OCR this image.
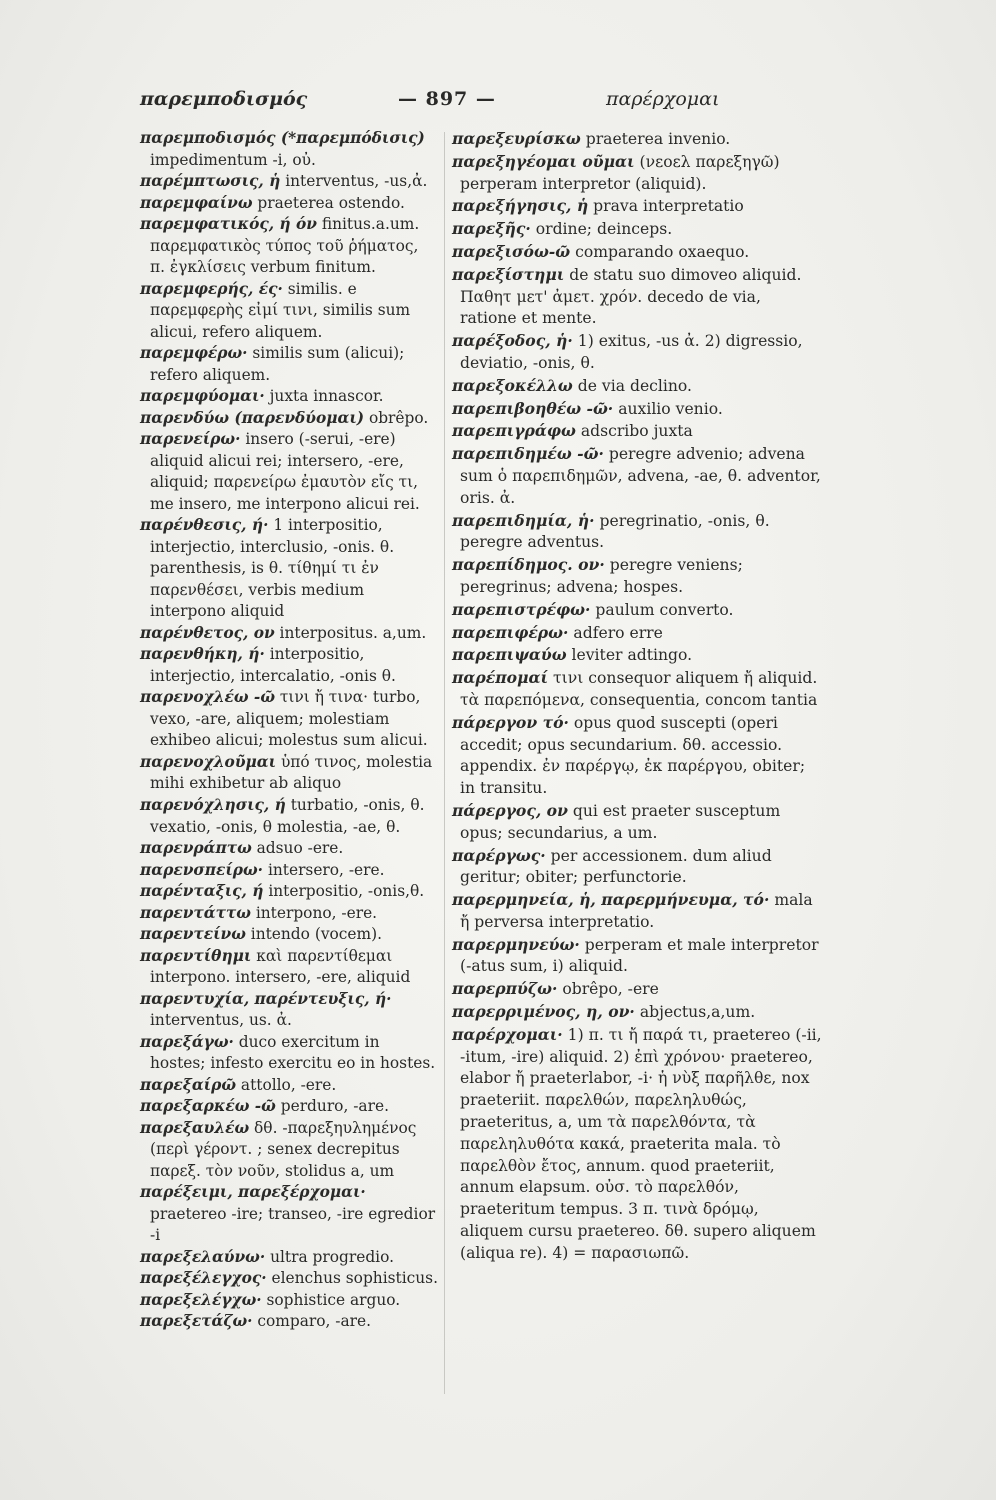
παρεμποδισμός	— 897 —	παρέρχομαι

παρεμποδισμός (*παρεμπόδισις) impedimentum -i, οὐ.

παρέμπτωσις, ἡ interventus, -us,ἀ.

παρεμφαίνω praeterea ostendo.

παρεμφατικός, ή όν finitus.a.um. παρεμφατικὸς τύπος τοῦ ῥήματος, π. ἐγκλίσεις verbum finitum.

παρεμφερής, ές· similis. e παρεμφερὴς εἰμί τινι, similis sum alicui, refero aliquem.

παρεμφέρω· similis sum (alicui); refero aliquem.

παρεμφύομαι· juxta innascor.

παρενδύω (παρενδύομαι) obrêpo.

παρενείρω· insero (-serui, -ere) aliquid alicui rei; intersero, -ere, aliquid; παρενείρω ἐμαυτὸν εἴς τι, me insero, me interpono alicui rei.

παρένθεσις, ή· 1 interpositio, interjectio, interclusio, -onis. θ. parenthesis, is θ. τίθημί τι ἐν παρενθέσει, verbis medium interpono aliquid

παρένθετος, ον interpositus. a,um.

παρενθήκη, ή· interpositio, interjectio, intercalatio, -onis θ.

παρενοχλέω -ῶ τινι ἤ τινα· turbo, vexo, -are, aliquem; molestiam exhibeo alicui; molestus sum alicui.

παρενοχλοῦμαι ὑπό τινος, molestia mihi exhibetur ab aliquo

παρενόχλησις, ή turbatio, -onis, θ. vexatio, -onis, θ molestia, -ae, θ.

παρενράπτω adsuo -ere.

παρενσπείρω· intersero, -ere.

παρένταξις, ή interpositio, -onis,θ.

παρεντάττω interpono, -ere.

παρεντείνω intendo (vocem).

παρεντίθημι καὶ παρεντίθεμαι interpono. intersero, -ere, aliquid

παρεντυχία, παρέντευξις, ή· interventus, us. ἀ.

παρεξάγω· duco exercitum in hostes; infesto exercitu eo in hostes.

παρεξαίρῶ attollo, -ere.

παρεξαρκέω -ῶ perduro, -are.

παρεξαυλέω δθ. -παρεξηυλημένος (περὶ γέροντ. ; senex decrepitus παρεξ. τὸν νοῦν, stolidus a, um

παρέξειμι, παρεξέρχομαι· praetereo -ire; transeo, -ire egredior -i

παρεξελαύνω· ultra progredio.

παρεξέλεγχος· elenchus sophisticus.

παρεξελέγχω· sophistice arguo.

παρεξετάζω· comparo, -are.

παρεξευρίσκω praeterea invenio.

παρεξηγέομαι οῦμαι (νεοελ παρεξηγῶ) perperam interpretor (aliquid).

παρεξήγησις, ἡ prava interpretatio

παρεξῆς· ordine; deinceps.

παρεξισόω-ῶ comparando oxaequo.

παρεξίστημι de statu suo dimoveo aliquid. Παθητ μετ' ἀμετ. χρόν. decedo de via, ratione et mente.

παρέξοδος, ἡ· 1) exitus, -us ἀ. 2) digressio, deviatio, -onis, θ.

παρεξοκέλλω de via declino.

παρεπιβοηθέω -ῶ· auxilio venio.

παρεπιγράφω adscribo juxta

παρεπιδημέω -ῶ· peregre advenio; advena sum ὁ παρεπιδημῶν, advena, -ae, θ. adventor, oris. ἀ.

παρεπιδημία, ἡ· peregrinatio, -onis, θ. peregre adventus.

παρεπίδημος. ον· peregre veniens; peregrinus; advena; hospes.

παρεπιστρέφω· paulum converto.

παρεπιφέρω· adfero erre

παρεπιψαύω leviter adtingo.

παρέπομαί τινι consequor aliquem ἤ aliquid. τὰ παρεπόμενα, consequentia, concom tantia

πάρεργον τό· opus quod suscepti (operi accedit; opus secundarium. δθ. accessio. appendix. ἐν παρέργῳ, ἐκ παρέργου, obiter; in transitu.

πάρεργος, ον qui est praeter susceptum opus; secundarius, a um.

παρέργως· per accessionem. dum aliud geritur; obiter; perfunctorie.

παρερμηνεία, ἡ, παρερμήνευμα, τό· mala ἤ perversa interpretatio.

παρερμηνεύω· perperam et male interpretor (-atus sum, i) aliquid.

παρερπύζω· obrêpo, -ere

παρερριμένος, η, ον· abjectus,a,um.

παρέρχομαι· 1) π. τι ἤ παρά τι, praetereo (-ii, -itum, -ire) aliquid. 2) ἐπὶ χρόνου· praetereo, elabor ἤ praeterlabor, -i· ἡ νὺξ παρῆλθε, nox praeteriit. παρελθών, παρεληλυθώς, praeteritus, a, um τὰ παρελθόντα, τὰ παρεληλυθότα κακά, praeterita mala. τὸ παρελθὸν ἔτος, annum. quod praeteriit, annum elapsum. οὐσ. τὸ παρελθόν, praeteritum tempus. 3 π. τινὰ δρόμῳ, aliquem cursu praetereo. δθ. supero aliquem (aliqua re). 4) = παρασιωπῶ.
